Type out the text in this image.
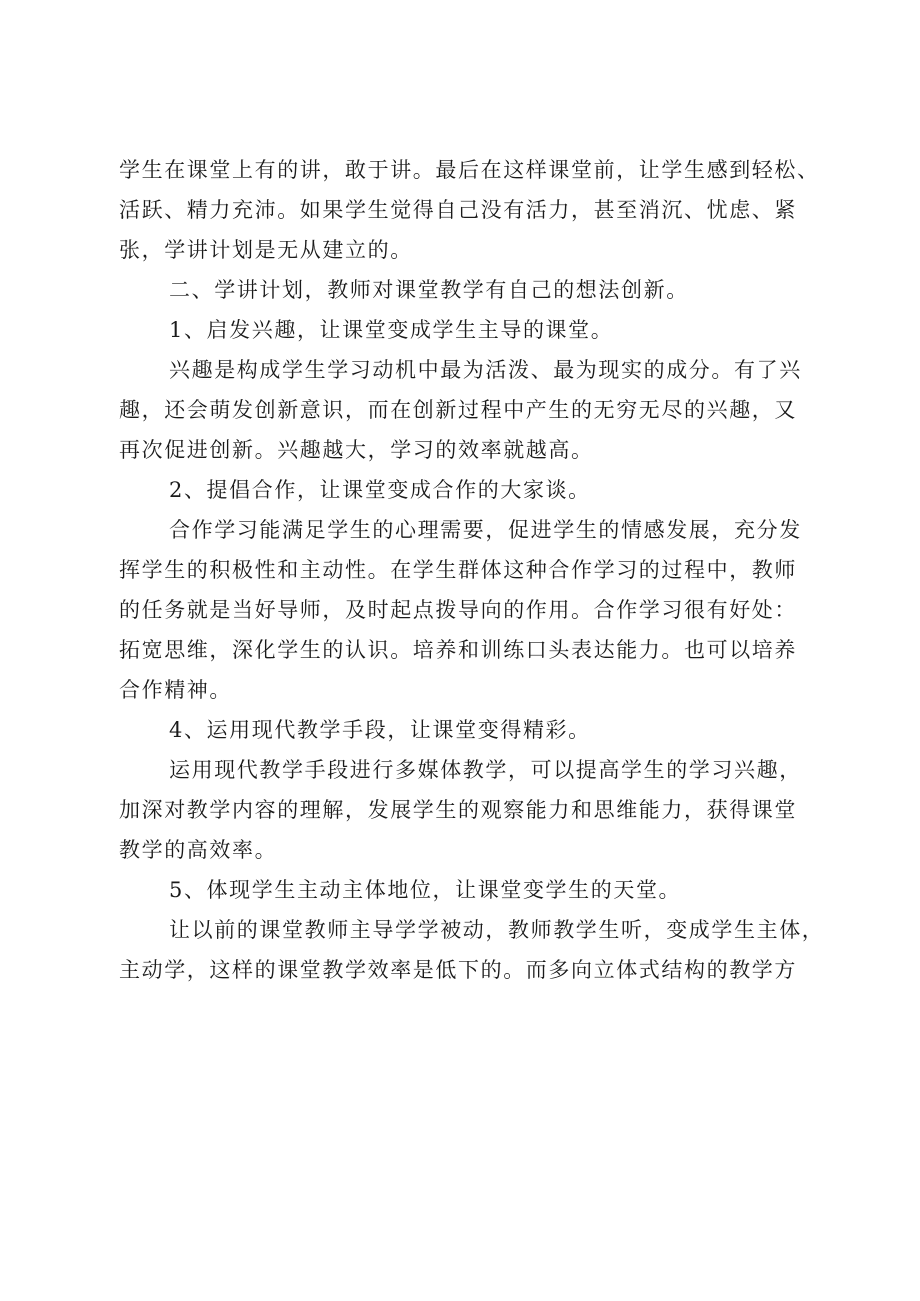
学生在课堂上有的讲，敢于讲。最后在这样课堂前，让学生感到轻松、
活跃、精力充沛。如果学生觉得自己没有活力，甚至消沉、忧虑、紧
张，学讲计划是无从建立的。
二、学讲计划，教师对课堂教学有自己的想法创新。
1、启发兴趣，让课堂变成学生主导的课堂。
兴趣是构成学生学习动机中最为活泼、最为现实的成分。有了兴
趣，还会萌发创新意识，而在创新过程中产生的无穷无尽的兴趣，又
再次促进创新。兴趣越大，学习的效率就越高。
2、提倡合作，让课堂变成合作的大家谈。
合作学习能满足学生的心理需要，促进学生的情感发展，充分发
挥学生的积极性和主动性。在学生群体这种合作学习的过程中，教师
的任务就是当好导师，及时起点拨导向的作用。合作学习很有好处：
拓宽思维，深化学生的认识。培养和训练口头表达能力。也可以培养
合作精神。
4、运用现代教学手段，让课堂变得精彩。
运用现代教学手段进行多媒体教学，可以提高学生的学习兴趣，
加深对教学内容的理解，发展学生的观察能力和思维能力，获得课堂
教学的高效率。
5、体现学生主动主体地位，让课堂变学生的天堂。
让以前的课堂教师主导学学被动，教师教学生听，变成学生主体，
主动学，这样的课堂教学效率是低下的。而多向立体式结构的教学方
